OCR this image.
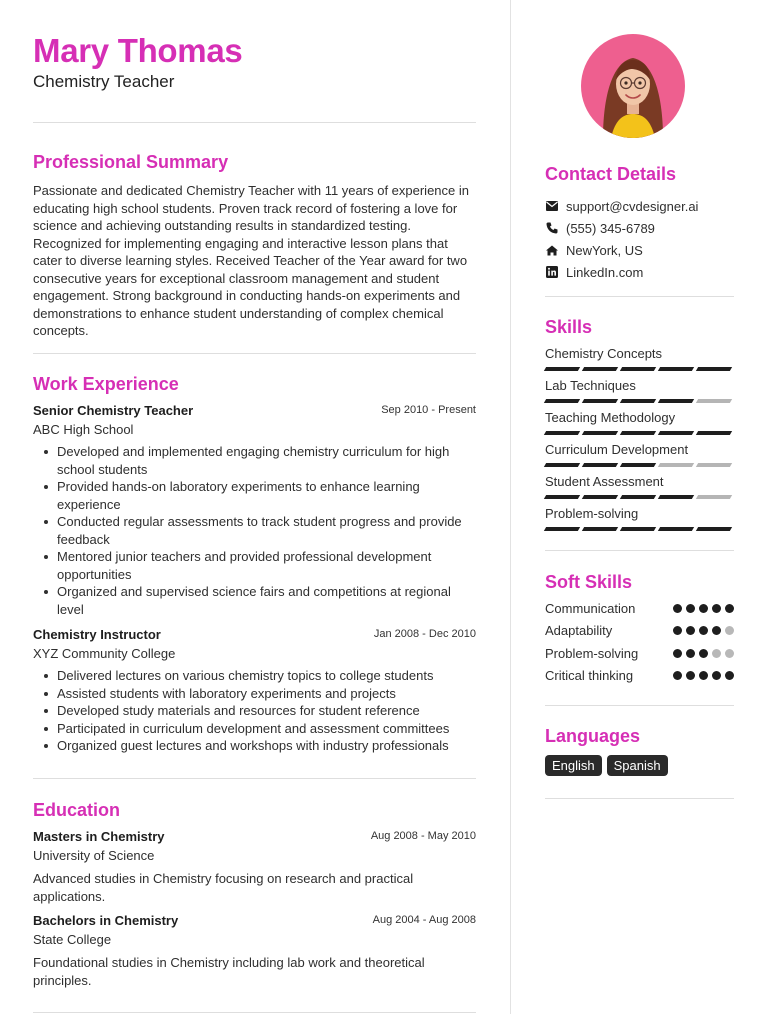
Mary Thomas
Chemistry Teacher
Professional Summary
Passionate and dedicated Chemistry Teacher with 11 years of experience in educating high school students. Proven track record of fostering a love for science and achieving outstanding results in standardized testing. Recognized for implementing engaging and interactive lesson plans that cater to diverse learning styles. Received Teacher of the Year award for two consecutive years for exceptional classroom management and student engagement. Strong background in conducting hands-on experiments and demonstrations to enhance student understanding of complex chemical concepts.
Work Experience
Senior Chemistry Teacher	Sep 2010 - Present
ABC High School
Developed and implemented engaging chemistry curriculum for high school students
Provided hands-on laboratory experiments to enhance learning experience
Conducted regular assessments to track student progress and provide feedback
Mentored junior teachers and provided professional development opportunities
Organized and supervised science fairs and competitions at regional level
Chemistry Instructor	Jan 2008 - Dec 2010
XYZ Community College
Delivered lectures on various chemistry topics to college students
Assisted students with laboratory experiments and projects
Developed study materials and resources for student reference
Participated in curriculum development and assessment committees
Organized guest lectures and workshops with industry professionals
Education
Masters in Chemistry	Aug 2008 - May 2010
University of Science
Advanced studies in Chemistry focusing on research and practical applications.
Bachelors in Chemistry	Aug 2004 - Aug 2008
State College
Foundational studies in Chemistry including lab work and theoretical principles.
Contact Details
support@cvdesigner.ai
(555) 345-6789
NewYork, US
LinkedIn.com
Skills
Chemistry Concepts
Lab Techniques
Teaching Methodology
Curriculum Development
Student Assessment
Problem-solving
Soft Skills
Communication
Adaptability
Problem-solving
Critical thinking
Languages
English	Spanish
